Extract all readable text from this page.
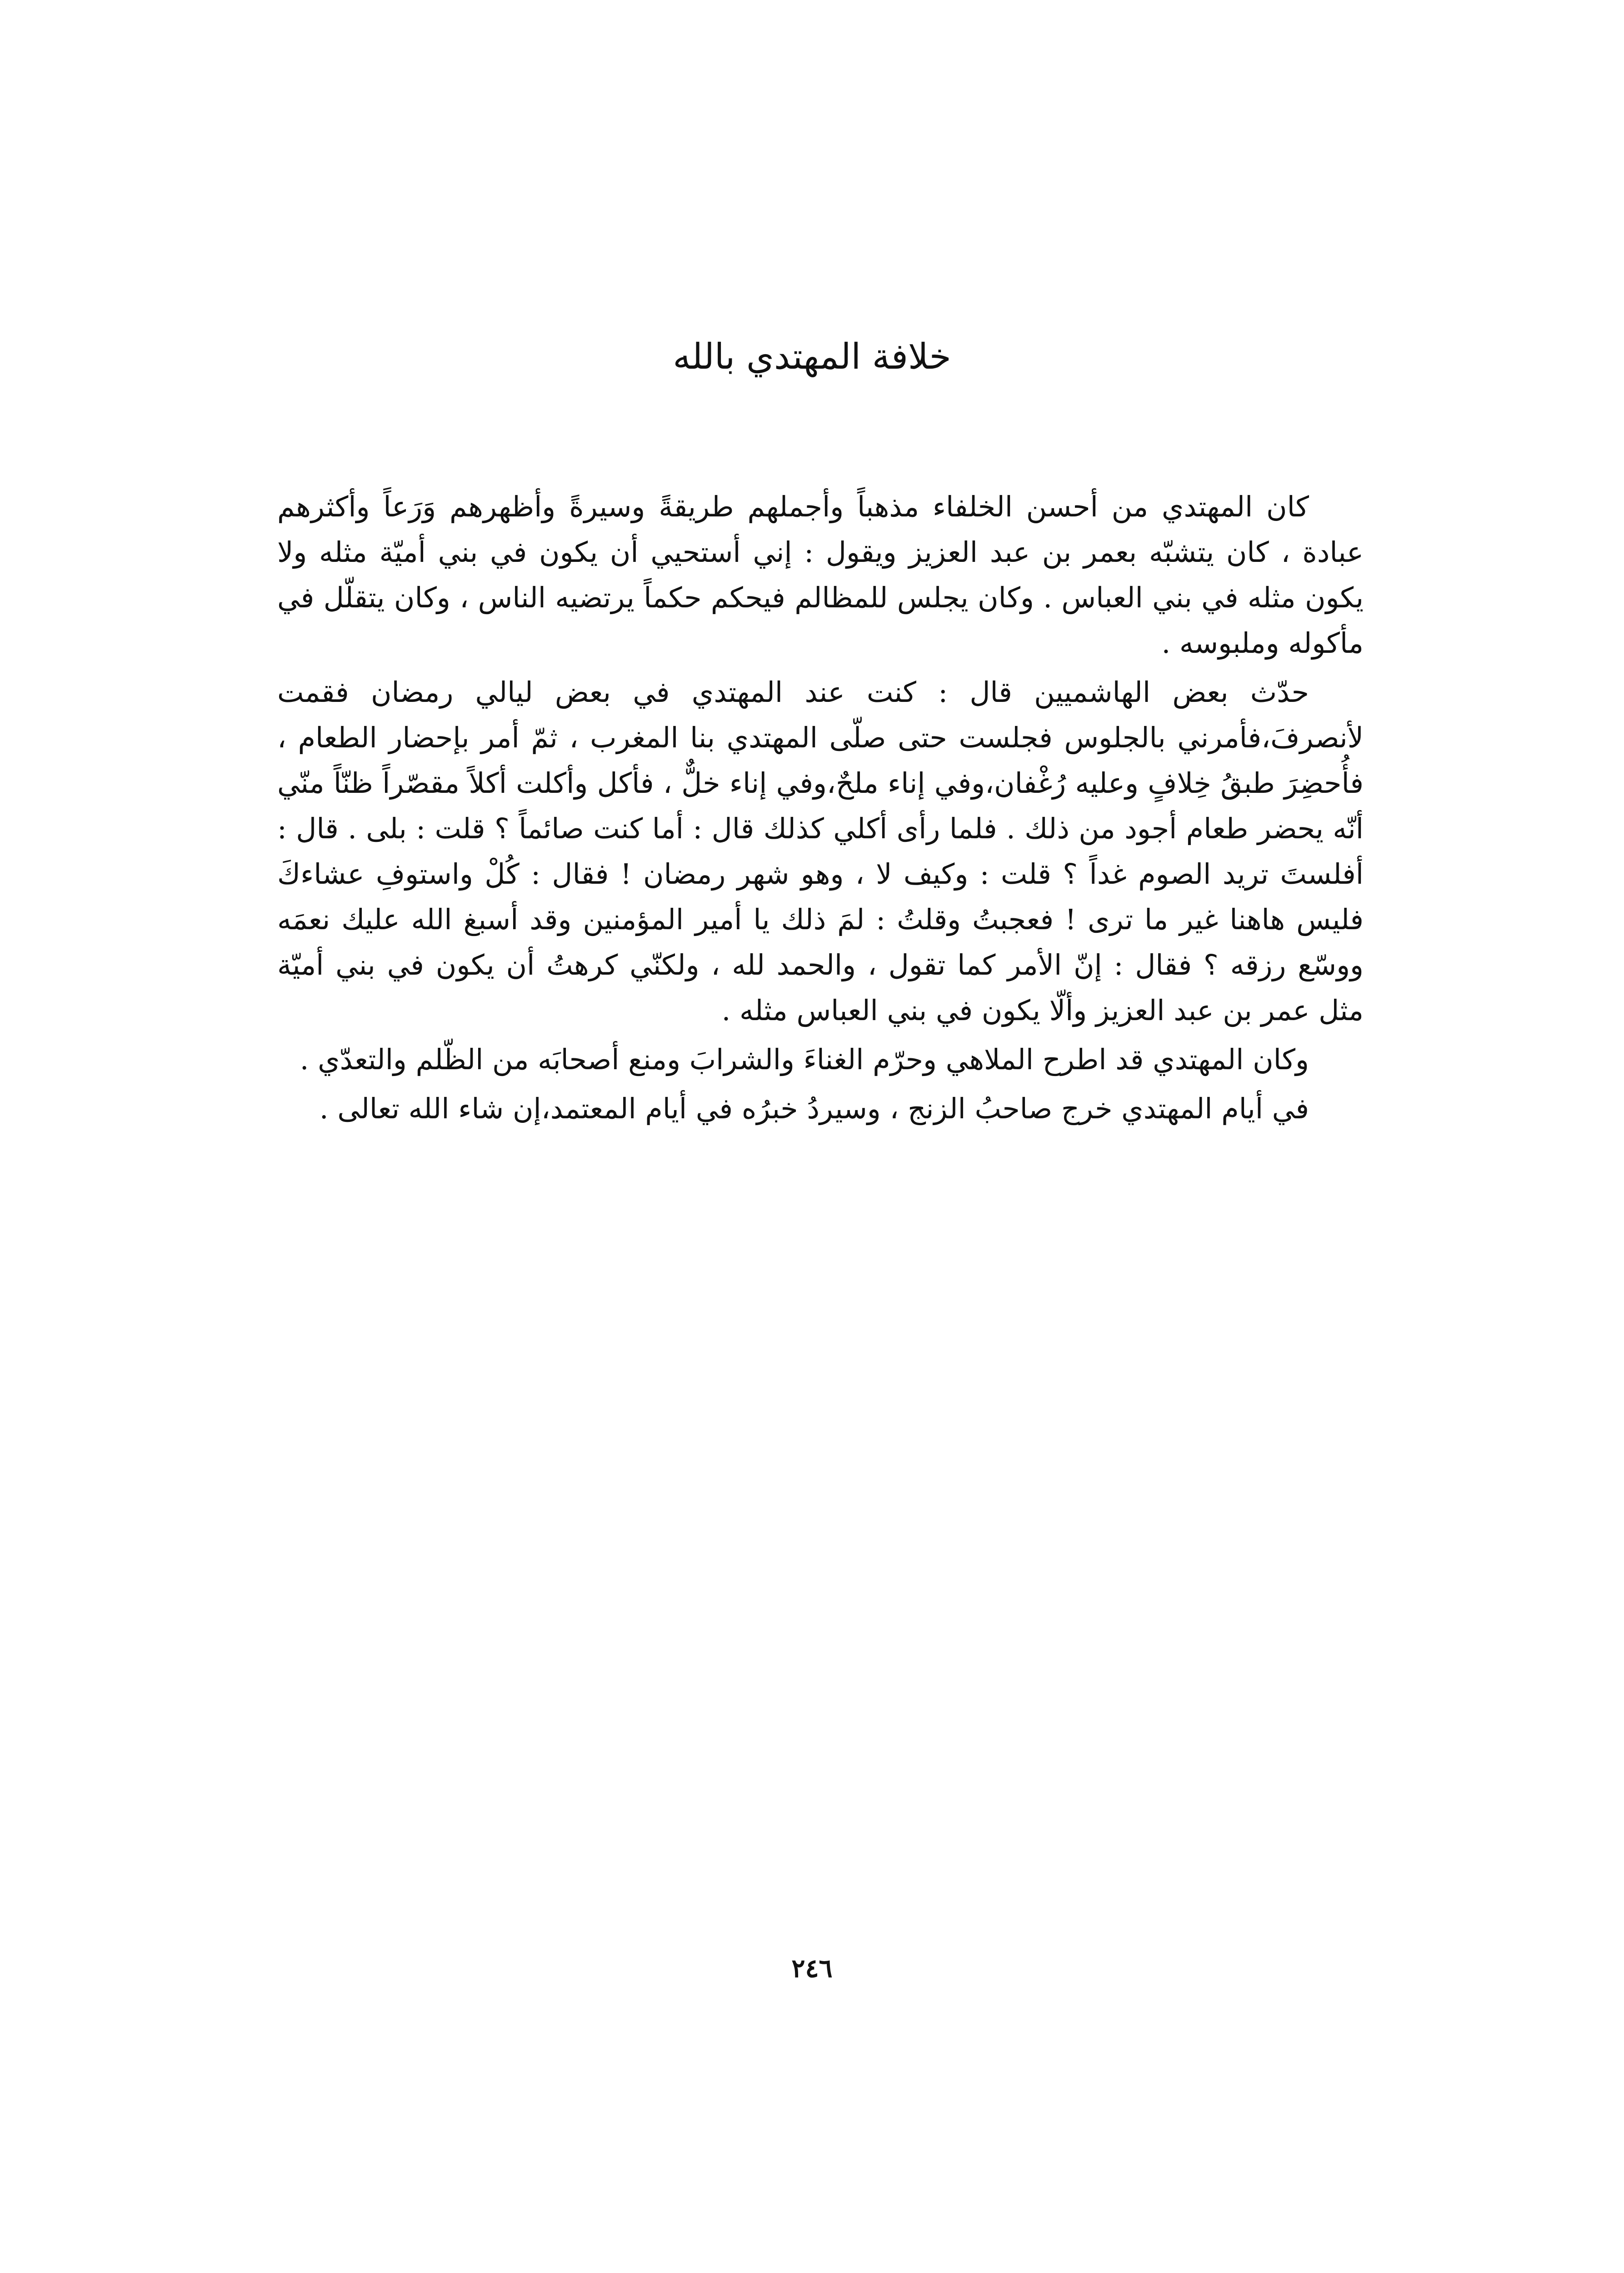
خلافة المهتدي بالله

كان المهتدي من أحسن الخلفاء مذهباً وأجملهم طريقةً وسيرةً وأظهرهم وَرَعاً وأكثرهم عبادة ، كان يتشبّه بعمر بن عبد العزيز ويقول : إني أستحيي أن يكون في بني أميّة مثله ولا يكون مثله في بني العباس . وكان يجلس للمظالم فيحكم حكماً يرتضيه الناس ، وكان يتقلّل في مأكوله وملبوسه .

حدّث بعض الهاشميين قال : كنت عند المهتدي في بعض ليالي رمضان فقمت لأنصرفَ،فأمرني بالجلوس فجلست حتى صلّى المهتدي بنا المغرب ، ثمّ أمر بإحضار الطعام ، فأُحضِرَ طبقُ خِلافٍ وعليه رُغْفان،وفي إناء ملحٌ،وفي إناء خلٌّ ، فأكل وأكلت أكلاً مقصّراً ظنّاً منّي أنّه يحضر طعام أجود من ذلك . فلما رأى أكلي كذلك قال : أما كنت صائماً ؟ قلت : بلى . قال : أفلستَ تريد الصوم غداً ؟ قلت : وكيف لا ، وهو شهر رمضان ! فقال : كُلْ واستوفِ عشاءكَ فليس هاهنا غير ما ترى ! فعجبتُ وقلتُ : لمَ ذلك يا أمير المؤمنين وقد أسبغ الله عليك نعمَه ووسّع رزقه ؟ فقال : إنّ الأمر كما تقول ، والحمد لله ، ولكنّي كرهتُ أن يكون في بني أميّة مثل عمر بن عبد العزيز وألّا يكون في بني العباس مثله .

وكان المهتدي قد اطرح الملاهي وحرّم الغناءَ والشرابَ ومنع أصحابَه من الظّلم والتعدّي .

في أيام المهتدي خرج صاحبُ الزنج ، وسيردُ خبرُه في أيام المعتمد،إن شاء الله تعالى .

٢٤٦
